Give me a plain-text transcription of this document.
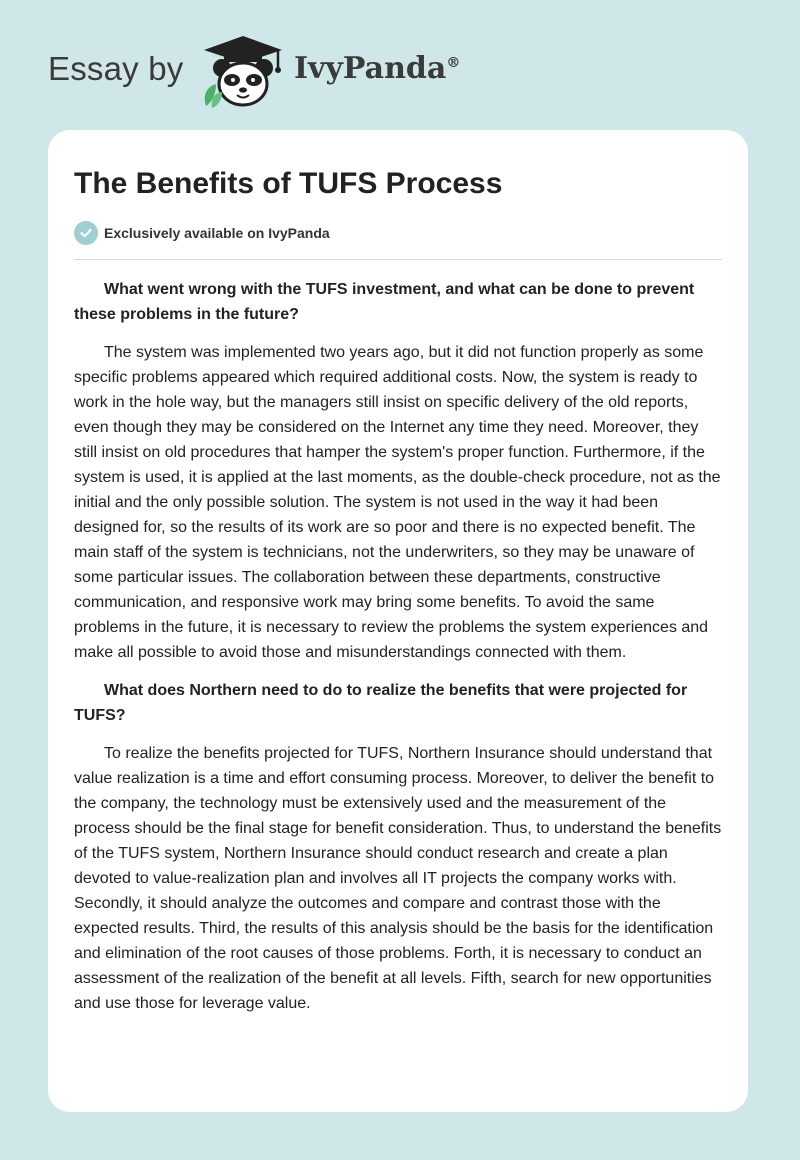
Essay by	IvyPanda®
The Benefits of TUFS Process
Exclusively available on IvyPanda

What went wrong with the TUFS investment, and what can be done to prevent these problems in the future?

The system was implemented two years ago, but it did not function properly as some specific problems appeared which required additional costs. Now, the system is ready to work in the hole way, but the managers still insist on specific delivery of the old reports, even though they may be considered on the Internet any time they need. Moreover, they still insist on old procedures that hamper the system's proper function. Furthermore, if the system is used, it is applied at the last moments, as the double-check procedure, not as the initial and the only possible solution. The system is not used in the way it had been designed for, so the results of its work are so poor and there is no expected benefit. The main staff of the system is technicians, not the underwriters, so they may be unaware of some particular issues. The collaboration between these departments, constructive communication, and responsive work may bring some benefits. To avoid the same problems in the future, it is necessary to review the problems the system experiences and make all possible to avoid those and misunderstandings connected with them.

What does Northern need to do to realize the benefits that were projected for TUFS?

To realize the benefits projected for TUFS, Northern Insurance should understand that value realization is a time and effort consuming process. Moreover, to deliver the benefit to the company, the technology must be extensively used and the measurement of the process should be the final stage for benefit consideration. Thus, to understand the benefits of the TUFS system, Northern Insurance should conduct research and create a plan devoted to value-realization plan and involves all IT projects the company works with. Secondly, it should analyze the outcomes and compare and contrast those with the expected results. Third, the results of this analysis should be the basis for the identification and elimination of the root causes of those problems. Forth, it is necessary to conduct an assessment of the realization of the benefit at all levels. Fifth, search for new opportunities and use those for leverage value.
